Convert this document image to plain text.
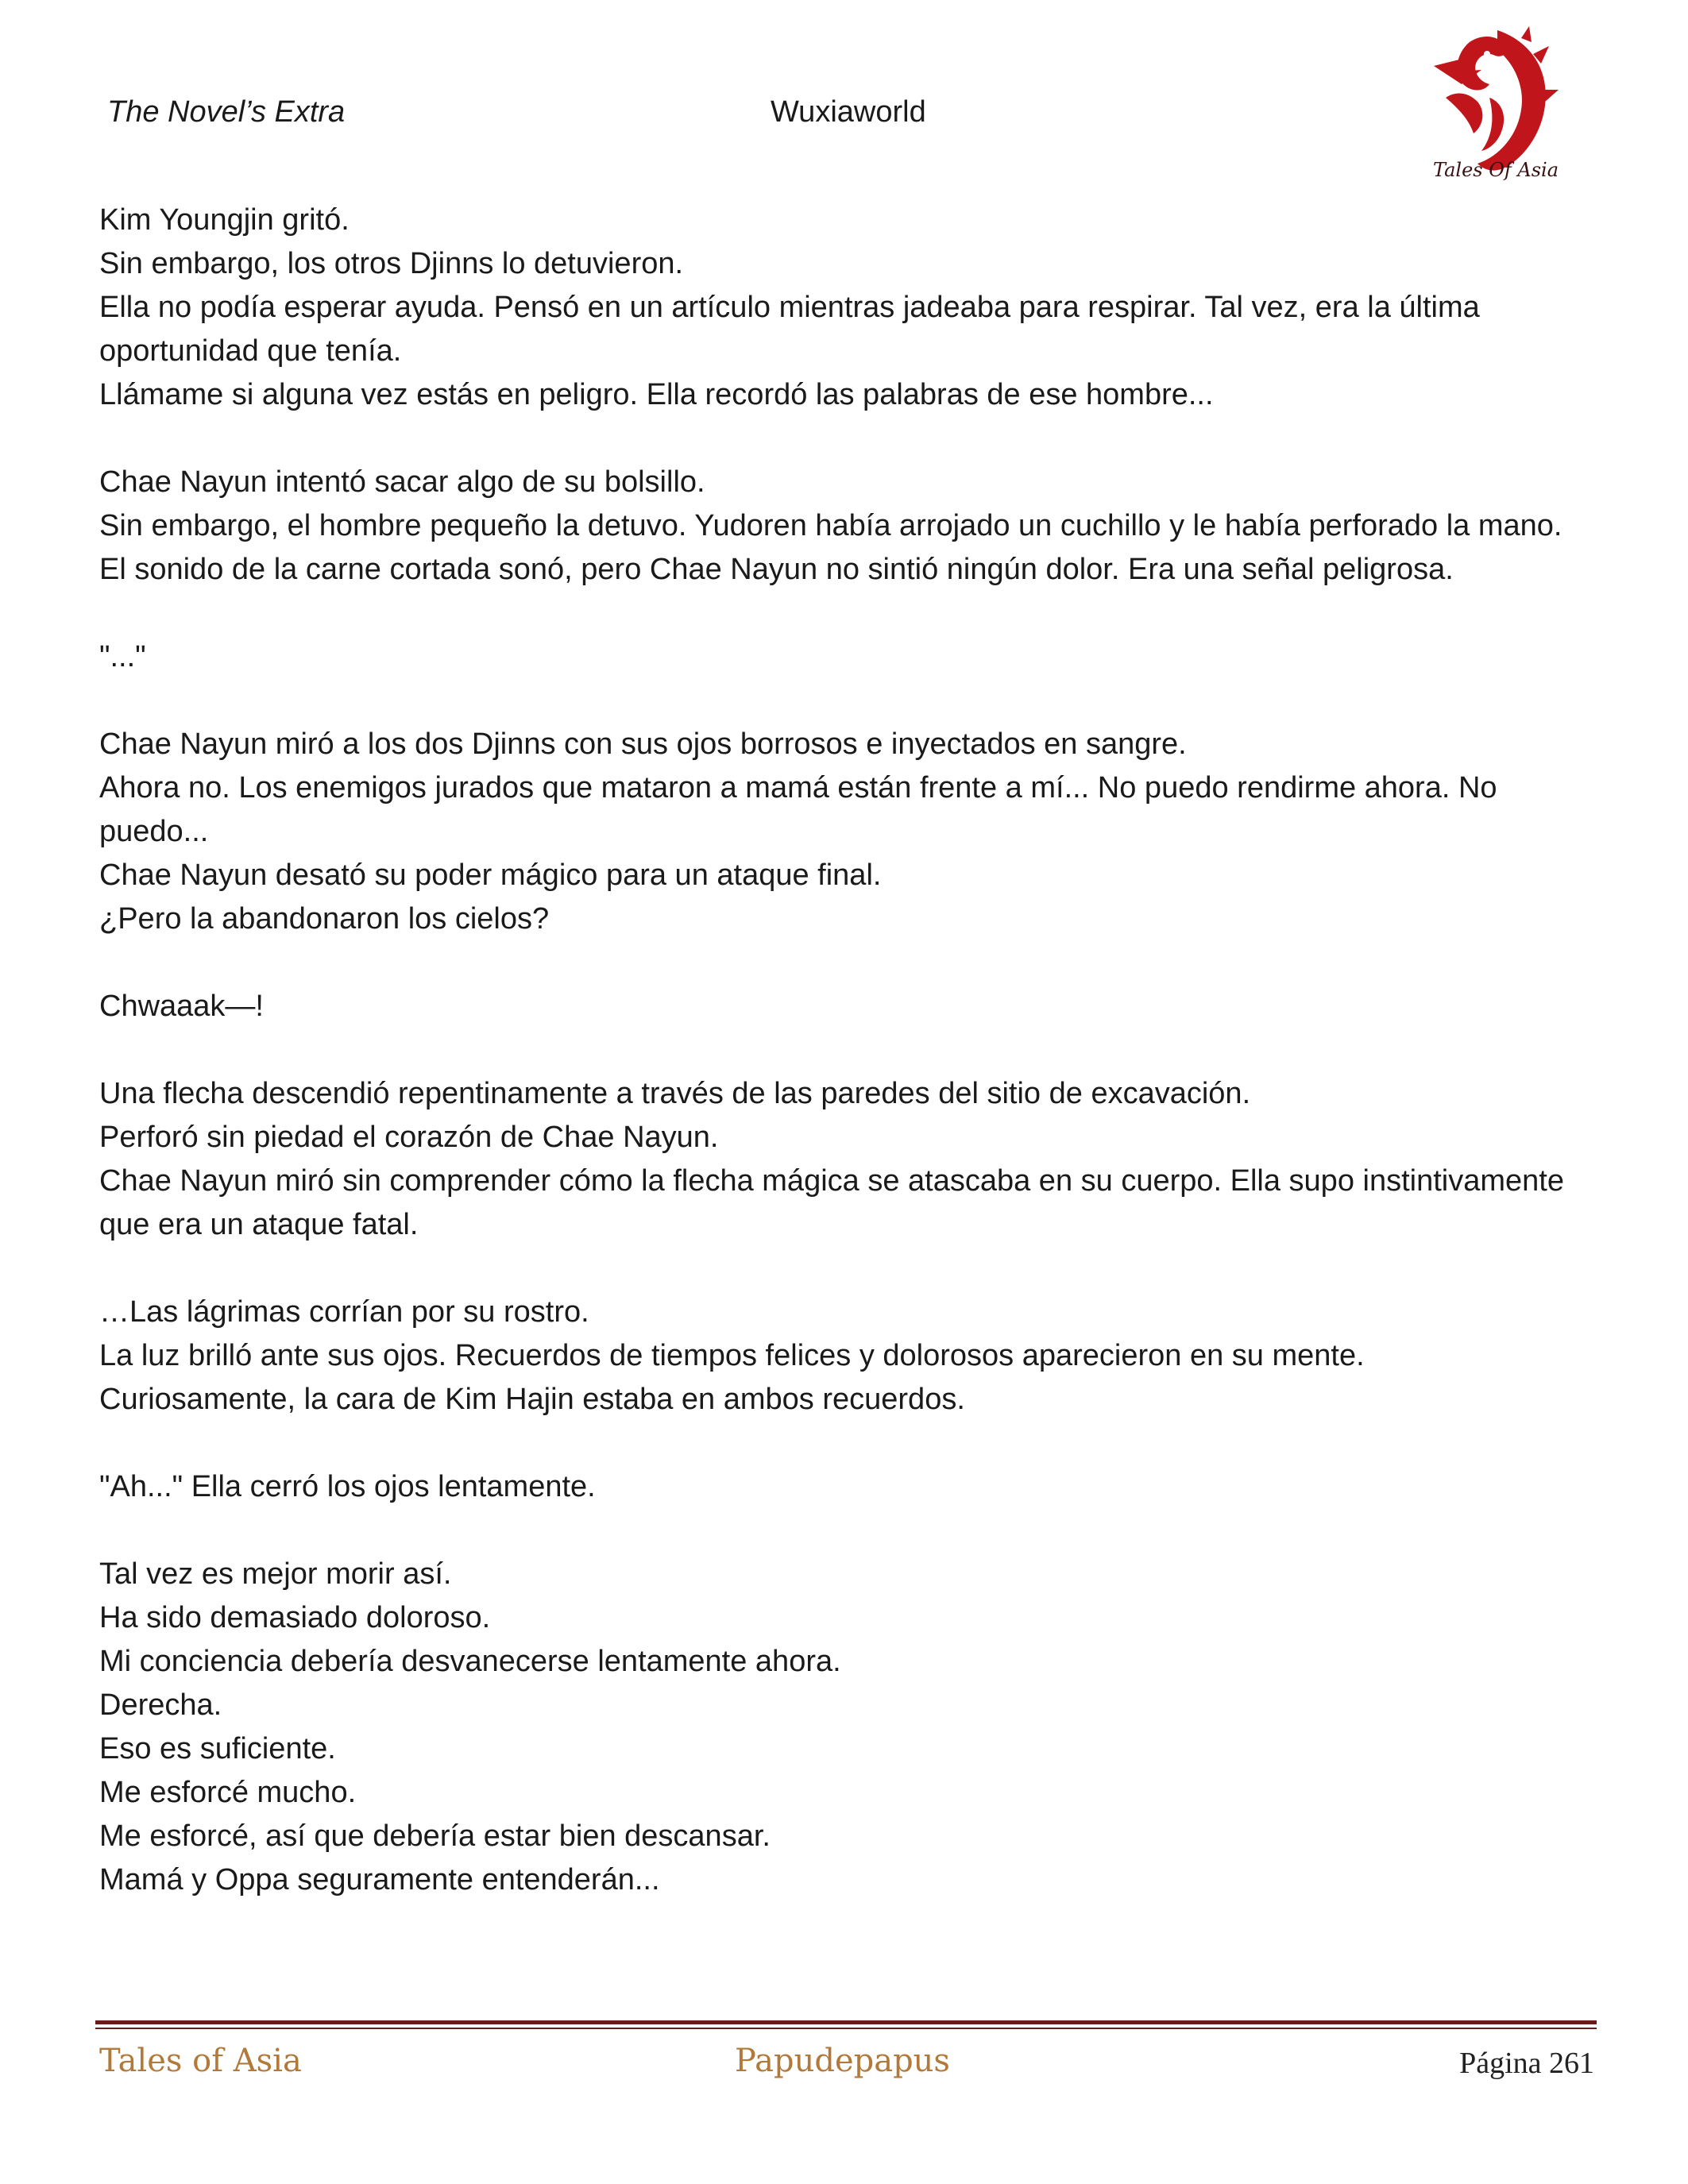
The Novel’s Extra	Wuxiaworld
Tales Of Asia

Kim Youngjin gritó.
Sin embargo, los otros Djinns lo detuvieron.
Ella no podía esperar ayuda. Pensó en un artículo mientras jadeaba para respirar. Tal vez, era la última oportunidad que tenía.
Llámame si alguna vez estás en peligro. Ella recordó las palabras de ese hombre...

Chae Nayun intentó sacar algo de su bolsillo.
Sin embargo, el hombre pequeño la detuvo. Yudoren había arrojado un cuchillo y le había perforado la mano.
El sonido de la carne cortada sonó, pero Chae Nayun no sintió ningún dolor. Era una señal peligrosa.

"..."

Chae Nayun miró a los dos Djinns con sus ojos borrosos e inyectados en sangre.
Ahora no. Los enemigos jurados que mataron a mamá están frente a mí... No puedo rendirme ahora. No puedo...
Chae Nayun desató su poder mágico para un ataque final.
¿Pero la abandonaron los cielos?

Chwaaak—!

Una flecha descendió repentinamente a través de las paredes del sitio de excavación.
Perforó sin piedad el corazón de Chae Nayun.
Chae Nayun miró sin comprender cómo la flecha mágica se atascaba en su cuerpo. Ella supo instintivamente que era un ataque fatal.

…Las lágrimas corrían por su rostro.
La luz brilló ante sus ojos. Recuerdos de tiempos felices y dolorosos aparecieron en su mente.
Curiosamente, la cara de Kim Hajin estaba en ambos recuerdos.

"Ah..." Ella cerró los ojos lentamente.

Tal vez es mejor morir así.
Ha sido demasiado doloroso.
Mi conciencia debería desvanecerse lentamente ahora.
Derecha.
Eso es suficiente.
Me esforcé mucho.
Me esforcé, así que debería estar bien descansar.
Mamá y Oppa seguramente entenderán...

Tales of Asia	Papudepapus	Página 261
